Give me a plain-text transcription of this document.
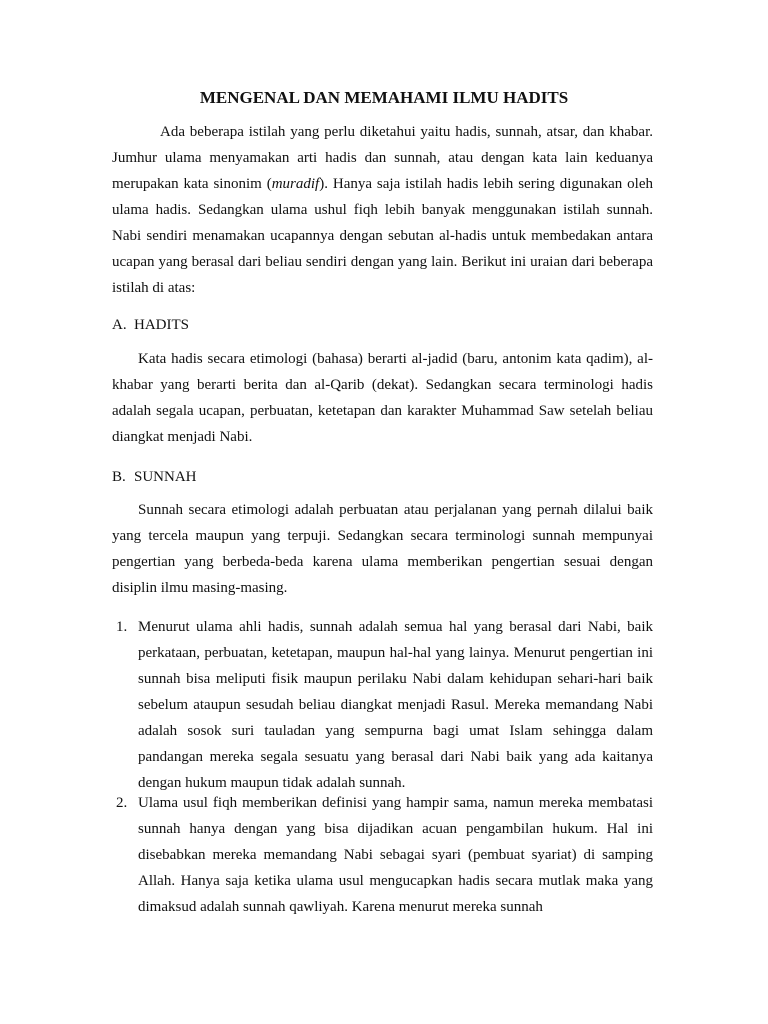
MENGENAL DAN MEMAHAMI ILMU HADITS

Ada beberapa istilah yang perlu diketahui yaitu hadis, sunnah, atsar, dan khabar. Jumhur ulama menyamakan arti hadis dan sunnah, atau dengan kata lain keduanya merupakan kata sinonim (muradif). Hanya saja istilah hadis lebih sering digunakan oleh ulama hadis. Sedangkan ulama ushul fiqh lebih banyak menggunakan istilah sunnah. Nabi sendiri menamakan ucapannya dengan sebutan al-hadis untuk membedakan antara ucapan yang berasal dari beliau sendiri dengan yang lain. Berikut ini uraian dari beberapa istilah di atas:

A. HADITS

Kata hadis secara etimologi (bahasa) berarti al-jadid (baru, antonim kata qadim), al-khabar yang berarti berita dan al-Qarib (dekat). Sedangkan secara terminologi hadis adalah segala ucapan, perbuatan, ketetapan dan karakter Muhammad Saw setelah beliau diangkat menjadi Nabi.

B. SUNNAH

Sunnah secara etimologi adalah perbuatan atau perjalanan yang pernah dilalui baik yang tercela maupun yang terpuji. Sedangkan secara terminologi sunnah mempunyai pengertian yang berbeda-beda karena ulama memberikan pengertian sesuai dengan disiplin ilmu masing-masing.

1. Menurut ulama ahli hadis, sunnah adalah semua hal yang berasal dari Nabi, baik perkataan, perbuatan, ketetapan, maupun hal-hal yang lainya. Menurut pengertian ini sunnah bisa meliputi fisik maupun perilaku Nabi dalam kehidupan sehari-hari baik sebelum ataupun sesudah beliau diangkat menjadi Rasul. Mereka memandang Nabi adalah sosok suri tauladan yang sempurna bagi umat Islam sehingga dalam pandangan mereka segala sesuatu yang berasal dari Nabi baik yang ada kaitanya dengan hukum maupun tidak adalah sunnah.
2. Ulama usul fiqh memberikan definisi yang hampir sama, namun mereka membatasi sunnah hanya dengan yang bisa dijadikan acuan pengambilan hukum. Hal ini disebabkan mereka memandang Nabi sebagai syari (pembuat syariat) di samping Allah. Hanya saja ketika ulama usul mengucapkan hadis secara mutlak maka yang dimaksud adalah sunnah qawliyah. Karena menurut mereka sunnah
